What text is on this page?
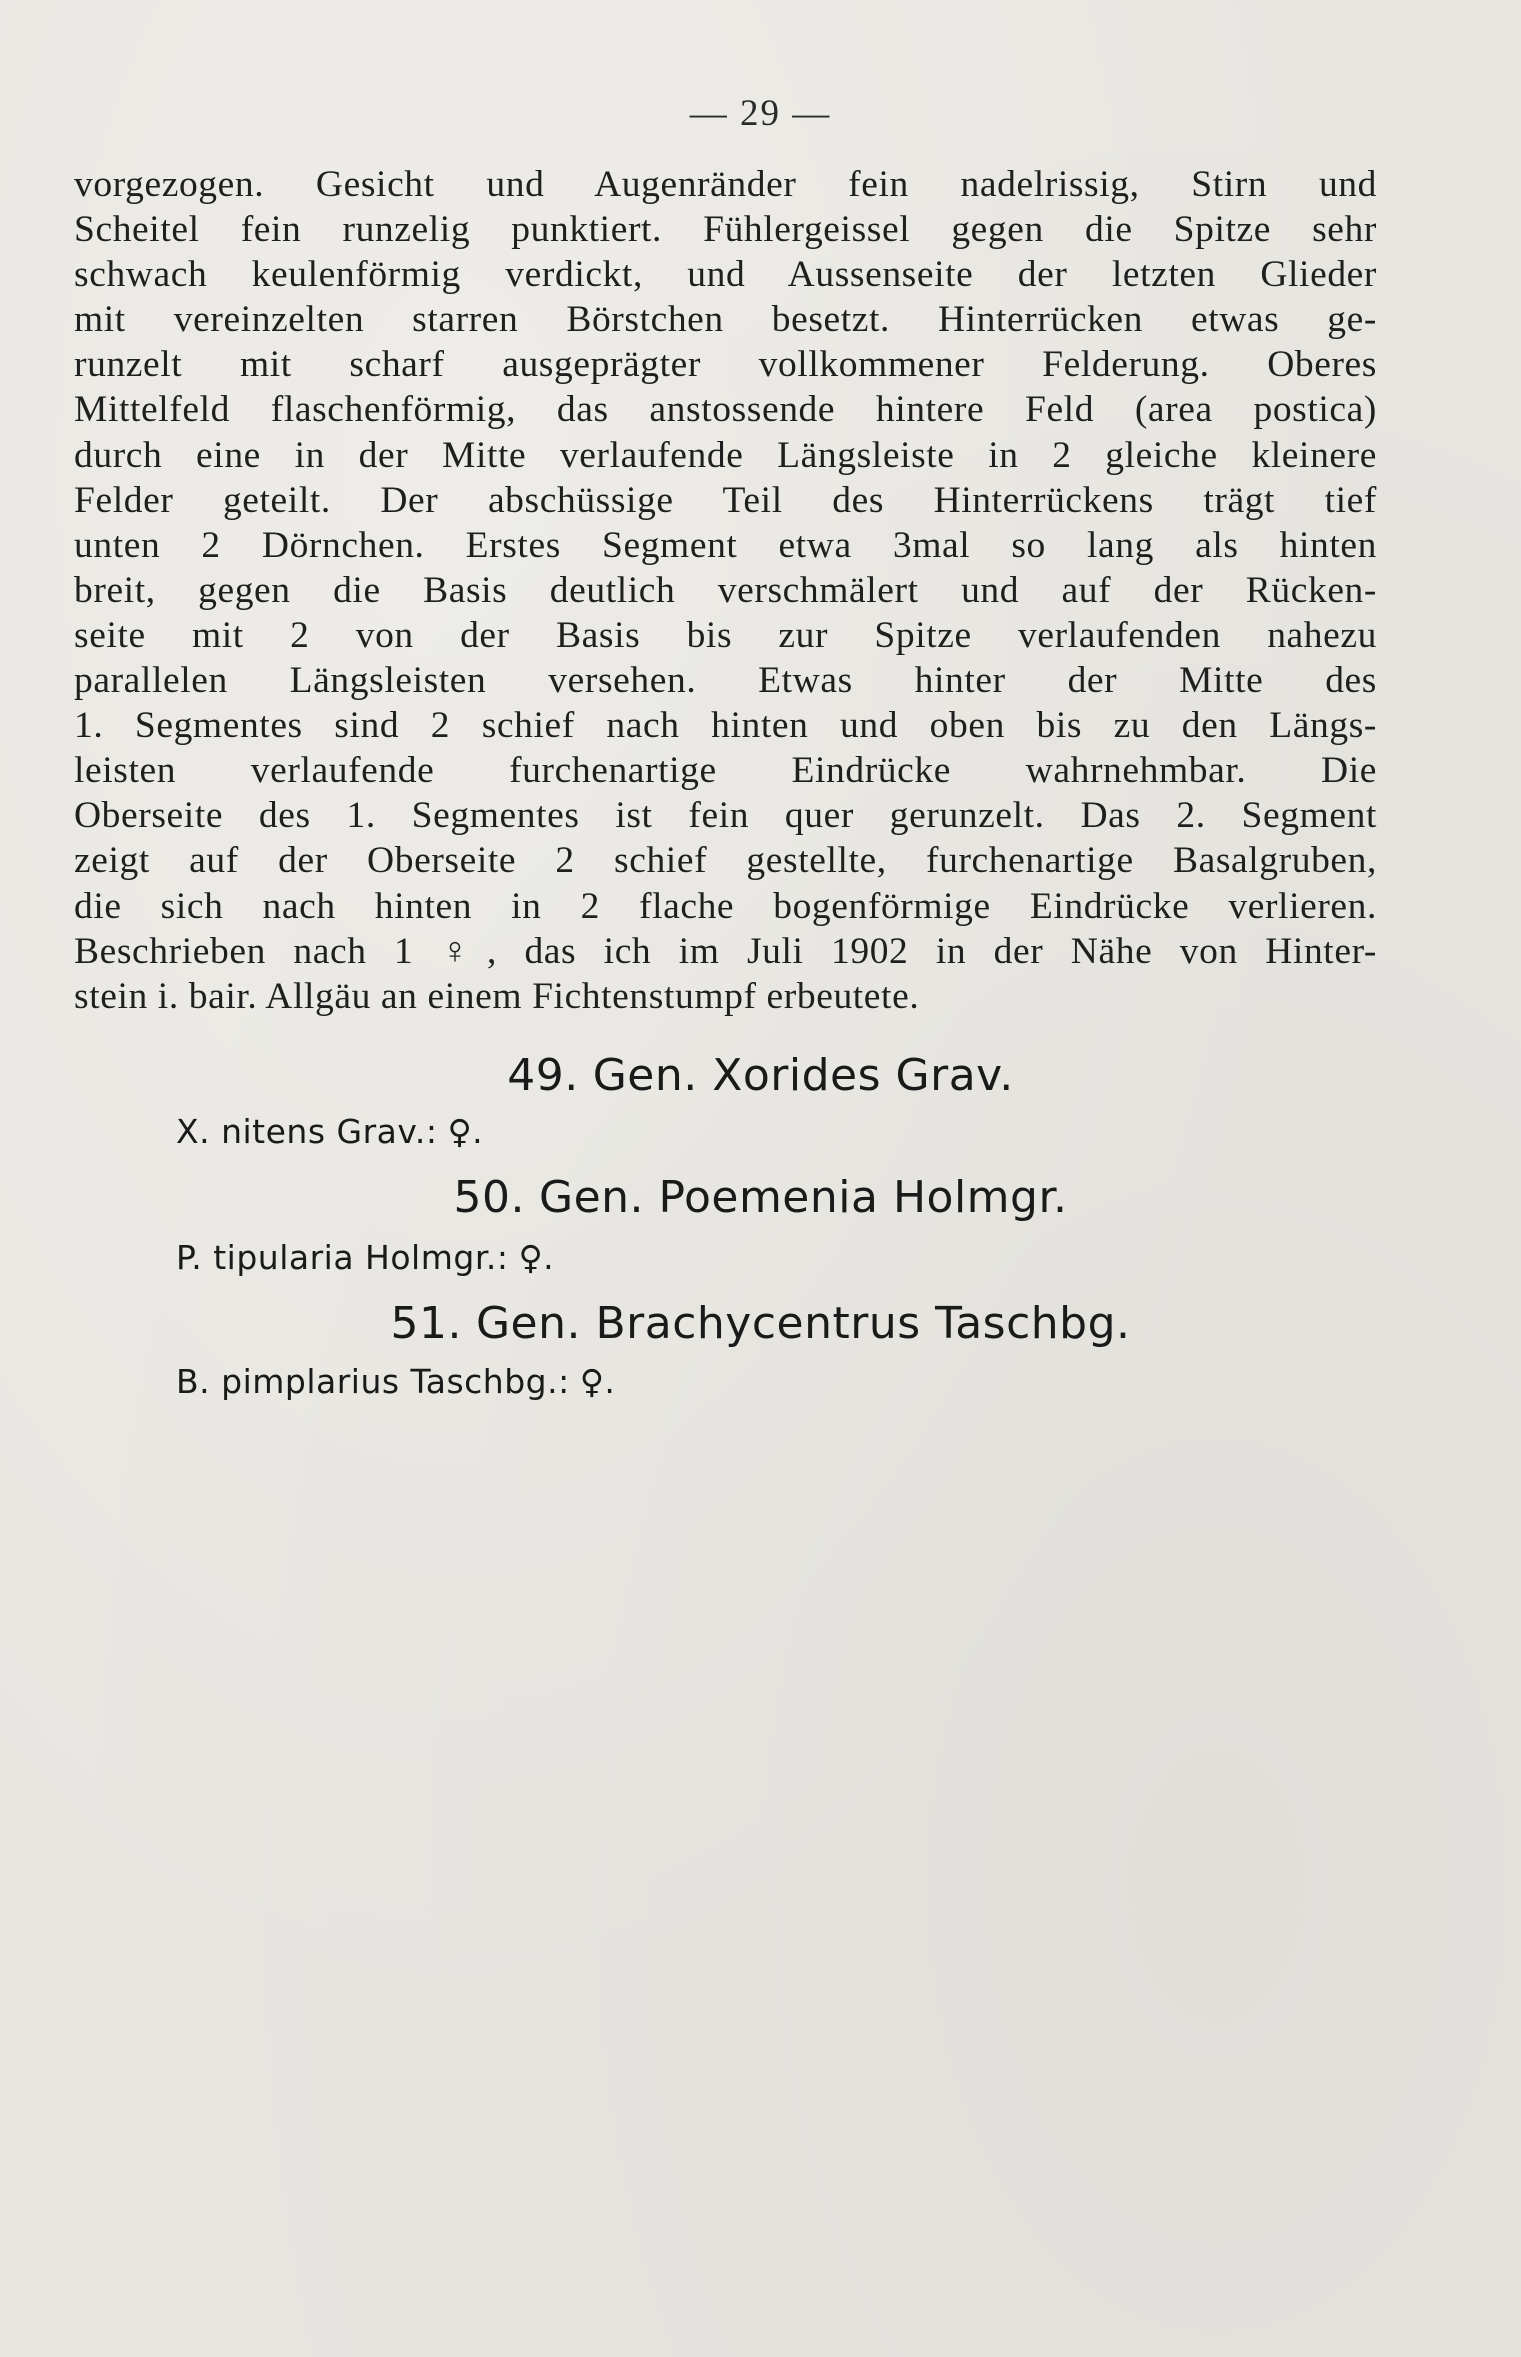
— 29 —
vorgezogen. Gesicht und Augenränder fein nadelrissig, Stirn und
Scheitel fein runzelig punktiert. Fühlergeissel gegen die Spitze sehr
schwach keulenförmig verdickt, und Aussenseite der letzten Glieder
mit vereinzelten starren Börstchen besetzt. Hinterrücken etwas ge-
runzelt mit scharf ausgeprägter vollkommener Felderung. Oberes
Mittelfeld flaschenförmig, das anstossende hintere Feld (area postica)
durch eine in der Mitte verlaufende Längsleiste in 2 gleiche kleinere
Felder geteilt. Der abschüssige Teil des Hinterrückens trägt tief
unten 2 Dörnchen. Erstes Segment etwa 3mal so lang als hinten
breit, gegen die Basis deutlich verschmälert und auf der Rücken-
seite mit 2 von der Basis bis zur Spitze verlaufenden nahezu
parallelen Längsleisten versehen. Etwas hinter der Mitte des
1. Segmentes sind 2 schief nach hinten und oben bis zu den Längs-
leisten verlaufende furchenartige Eindrücke wahrnehmbar. Die
Oberseite des 1. Segmentes ist fein quer gerunzelt. Das 2. Segment
zeigt auf der Oberseite 2 schief gestellte, furchenartige Basalgruben,
die sich nach hinten in 2 flache bogenförmige Eindrücke verlieren.
Beschrieben nach 1 ♀, das ich im Juli 1902 in der Nähe von Hinter-
stein i. bair. Allgäu an einem Fichtenstumpf erbeutete.
49. Gen. Xorides Grav.
X. nitens Grav.: ♀.
50. Gen. Poemenia Holmgr.
P. tipularia Holmgr.: ♀.
51. Gen. Brachycentrus Taschbg.
B. pimplarius Taschbg.: ♀.
